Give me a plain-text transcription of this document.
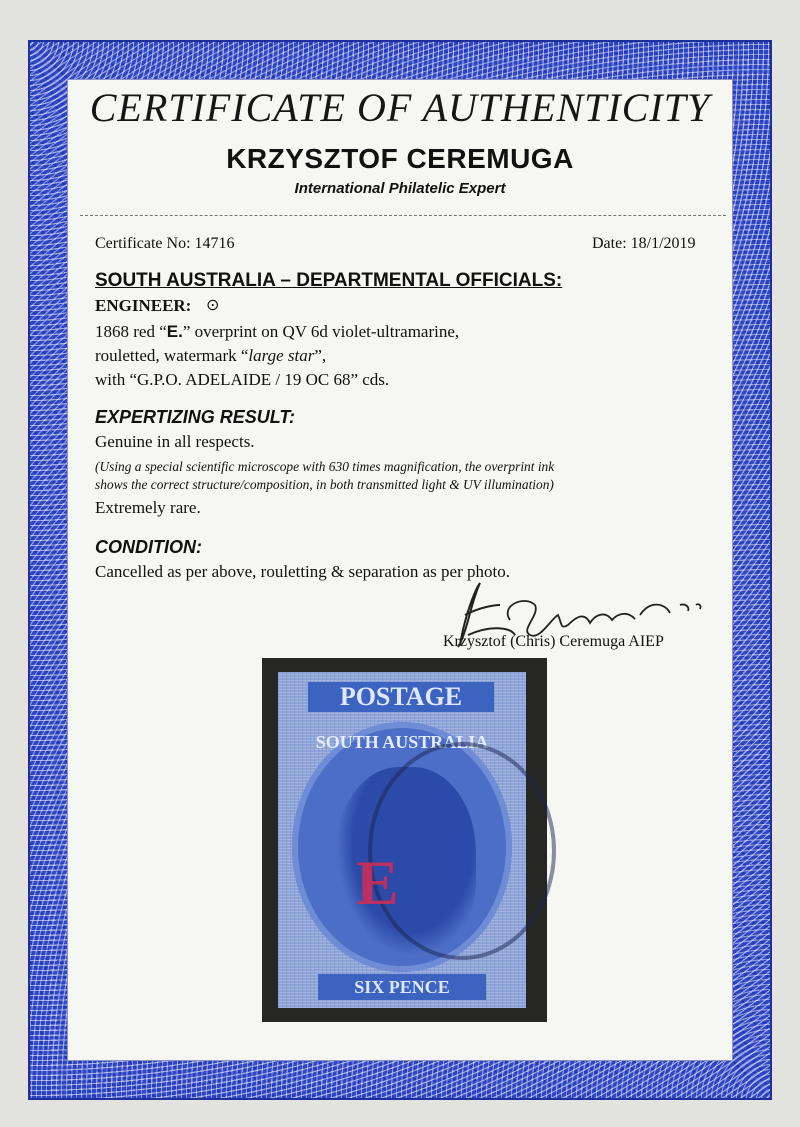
CERTIFICATE OF AUTHENTICITY
KRZYSZTOF CEREMUGA
International Philatelic Expert
Certificate No: 14716	Date: 18/1/2019
SOUTH AUSTRALIA – DEPARTMENTAL OFFICIALS:
ENGINEER: ⊙
1868 red “E.” overprint on QV 6d violet-ultramarine,
rouletted, watermark “large star”,
with “G.P.O. ADELAIDE / 19 OC 68” cds.
EXPERTIZING RESULT:
Genuine in all respects.
(Using a special scientific microscope with 630 times magnification, the overprint ink
shows the correct structure/composition, in both transmitted light & UV illumination)
Extremely rare.
CONDITION:
Cancelled as per above, rouletting & separation as per photo.
Krzysztof (Chris) Ceremuga AIEP
POSTAGE
SOUTH AUSTRALIA
E
SIX PENCE
